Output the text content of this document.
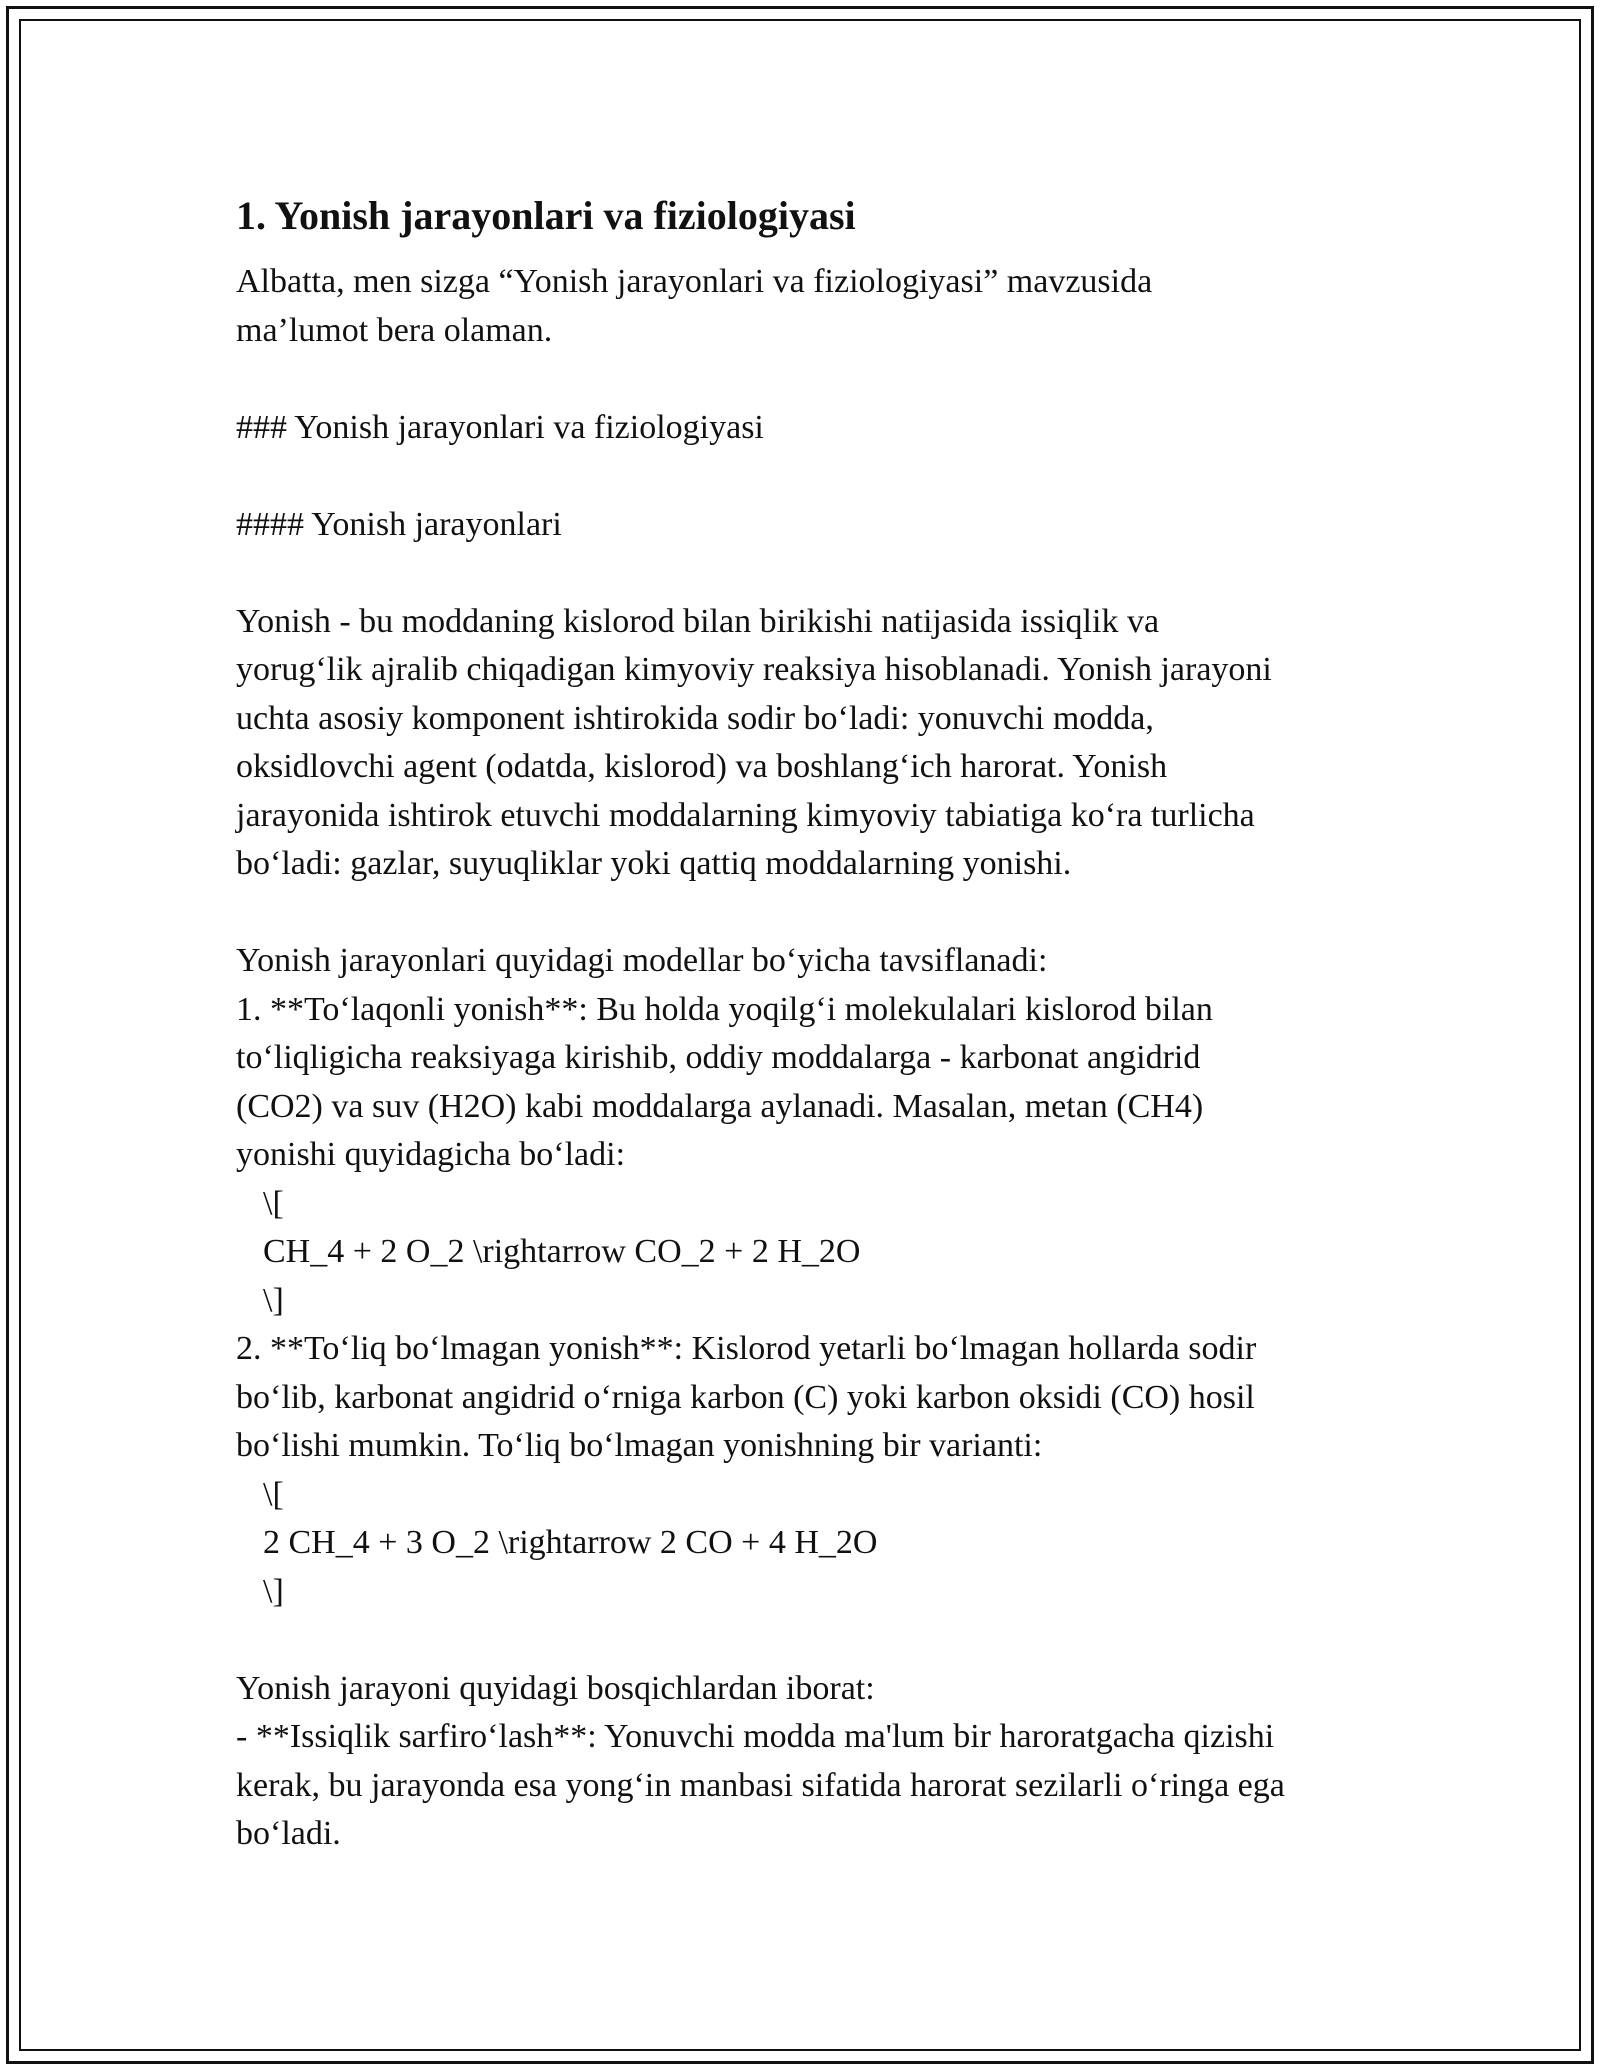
1. Yonish jarayonlari va fiziologiyasi
Albatta, men sizga “Yonish jarayonlari va fiziologiyasi” mavzusida
ma’lumot bera olaman.
### Yonish jarayonlari va fiziologiyasi
#### Yonish jarayonlari
Yonish - bu moddaning kislorod bilan birikishi natijasida issiqlik va
yorug‘lik ajralib chiqadigan kimyoviy reaksiya hisoblanadi. Yonish jarayoni
uchta asosiy komponent ishtirokida sodir bo‘ladi: yonuvchi modda,
oksidlovchi agent (odatda, kislorod) va boshlang‘ich harorat. Yonish
jarayonida ishtirok etuvchi moddalarning kimyoviy tabiatiga ko‘ra turlicha
bo‘ladi: gazlar, suyuqliklar yoki qattiq moddalarning yonishi.
Yonish jarayonlari quyidagi modellar bo‘yicha tavsiflanadi:
1. **To‘laqonli yonish**: Bu holda yoqilg‘i molekulalari kislorod bilan
to‘liqligicha reaksiyaga kirishib, oddiy moddalarga - karbonat angidrid
(CO2) va suv (H2O) kabi moddalarga aylanadi. Masalan, metan (CH4)
yonishi quyidagicha bo‘ladi:
\[
CH_4 + 2 O_2 \rightarrow CO_2 + 2 H_2O
\]
2. **To‘liq bo‘lmagan yonish**: Kislorod yetarli bo‘lmagan hollarda sodir
bo‘lib, karbonat angidrid o‘rniga karbon (C) yoki karbon oksidi (CO) hosil
bo‘lishi mumkin. To‘liq bo‘lmagan yonishning bir varianti:
\[
2 CH_4 + 3 O_2 \rightarrow 2 CO + 4 H_2O
\]
Yonish jarayoni quyidagi bosqichlardan iborat:
- **Issiqlik sarfiro‘lash**: Yonuvchi modda ma'lum bir haroratgacha qizishi
kerak, bu jarayonda esa yong‘in manbasi sifatida harorat sezilarli o‘ringa ega
bo‘ladi.
